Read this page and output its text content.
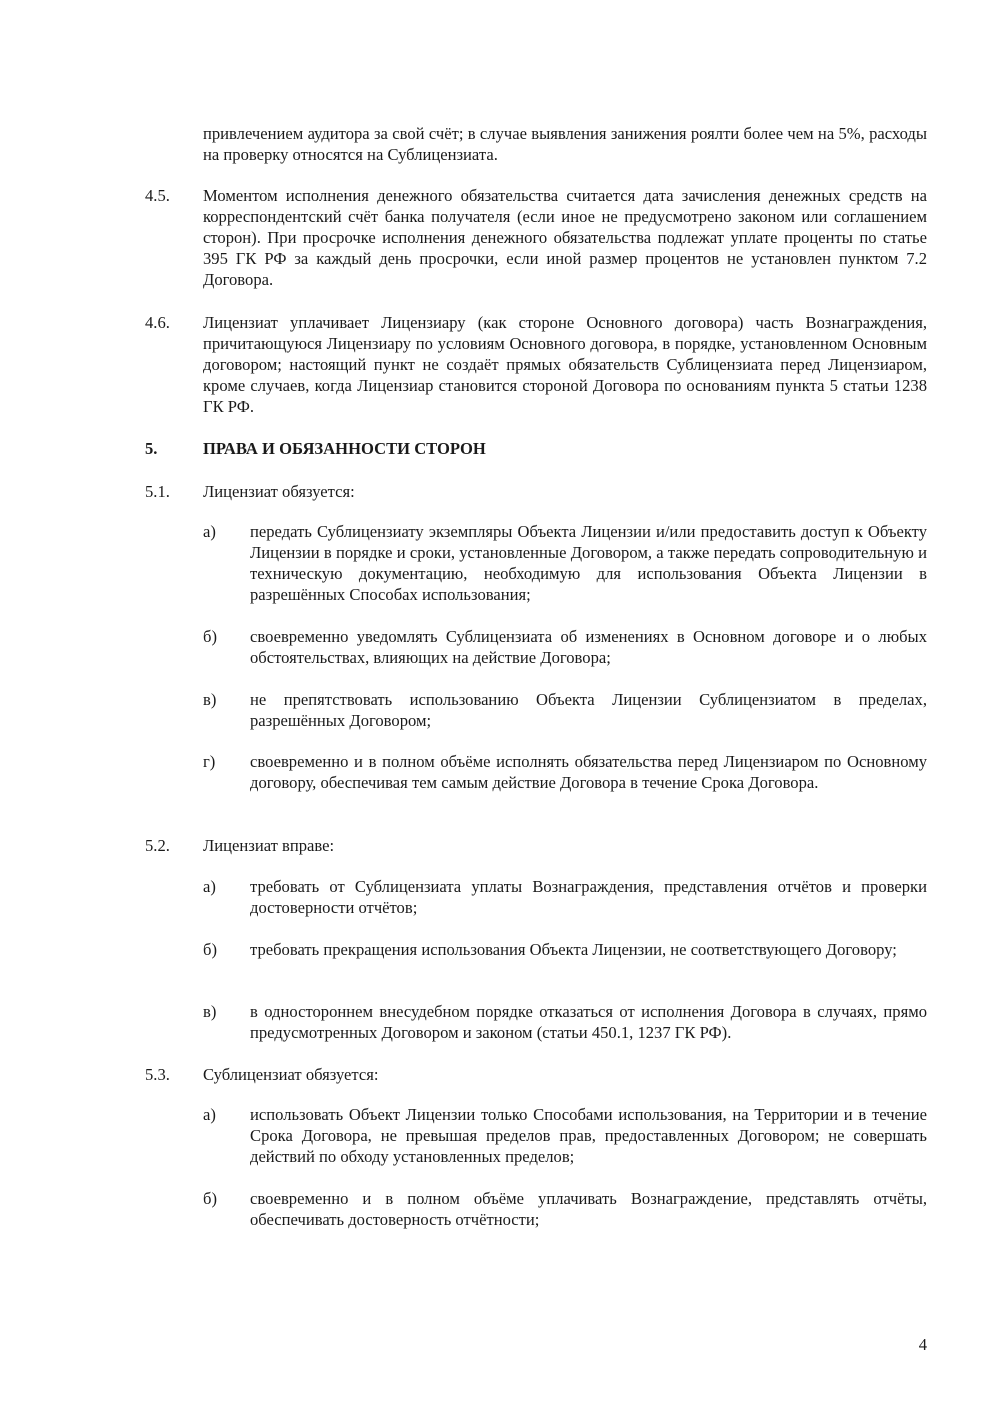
привлечением аудитора за свой счёт; в случае выявления занижения роялти более чем на 5%, расходы на проверку относятся на Сублицензиата.
4.5.	Моментом исполнения денежного обязательства считается дата зачисления денежных средств на корреспондентский счёт банка получателя (если иное не предусмотрено законом или соглашением сторон). При просрочке исполнения денежного обязательства подлежат уплате проценты по статье 395 ГК РФ за каждый день просрочки, если иной размер процентов не установлен пунктом 7.2 Договора.
4.6.	Лицензиат уплачивает Лицензиару (как стороне Основного договора) часть Вознаграждения, причитающуюся Лицензиару по условиям Основного договора, в порядке, установленном Основным договором; настоящий пункт не создаёт прямых обязательств Сублицензиата перед Лицензиаром, кроме случаев, когда Лицензиар становится стороной Договора по основаниям пункта 5 статьи 1238 ГК РФ.
5.	ПРАВА И ОБЯЗАННОСТИ СТОРОН
5.1.	Лицензиат обязуется:
а)	передать Сублицензиату экземпляры Объекта Лицензии и/или предоставить доступ к Объекту Лицензии в порядке и сроки, установленные Договором, а также передать сопроводительную и техническую документацию, необходимую для использования Объекта Лицензии в разрешённых Способах использования;
б)	своевременно уведомлять Сублицензиата об изменениях в Основном договоре и о любых обстоятельствах, влияющих на действие Договора;
в)	не препятствовать использованию Объекта Лицензии Сублицензиатом в пределах, разрешённых Договором;
г)	своевременно и в полном объёме исполнять обязательства перед Лицензиаром по Основному договору, обеспечивая тем самым действие Договора в течение Срока Договора.
5.2.	Лицензиат вправе:
а)	требовать от Сублицензиата уплаты Вознаграждения, представления отчётов и проверки достоверности отчётов;
б)	требовать прекращения использования Объекта Лицензии, не соответствующего Договору;
в)	в одностороннем внесудебном порядке отказаться от исполнения Договора в случаях, прямо предусмотренных Договором и законом (статьи 450.1, 1237 ГК РФ).
5.3.	Сублицензиат обязуется:
а)	использовать Объект Лицензии только Способами использования, на Территории и в течение Срока Договора, не превышая пределов прав, предоставленных Договором; не совершать действий по обходу установленных пределов;
б)	своевременно и в полном объёме уплачивать Вознаграждение, представлять отчёты, обеспечивать достоверность отчётности;
4
